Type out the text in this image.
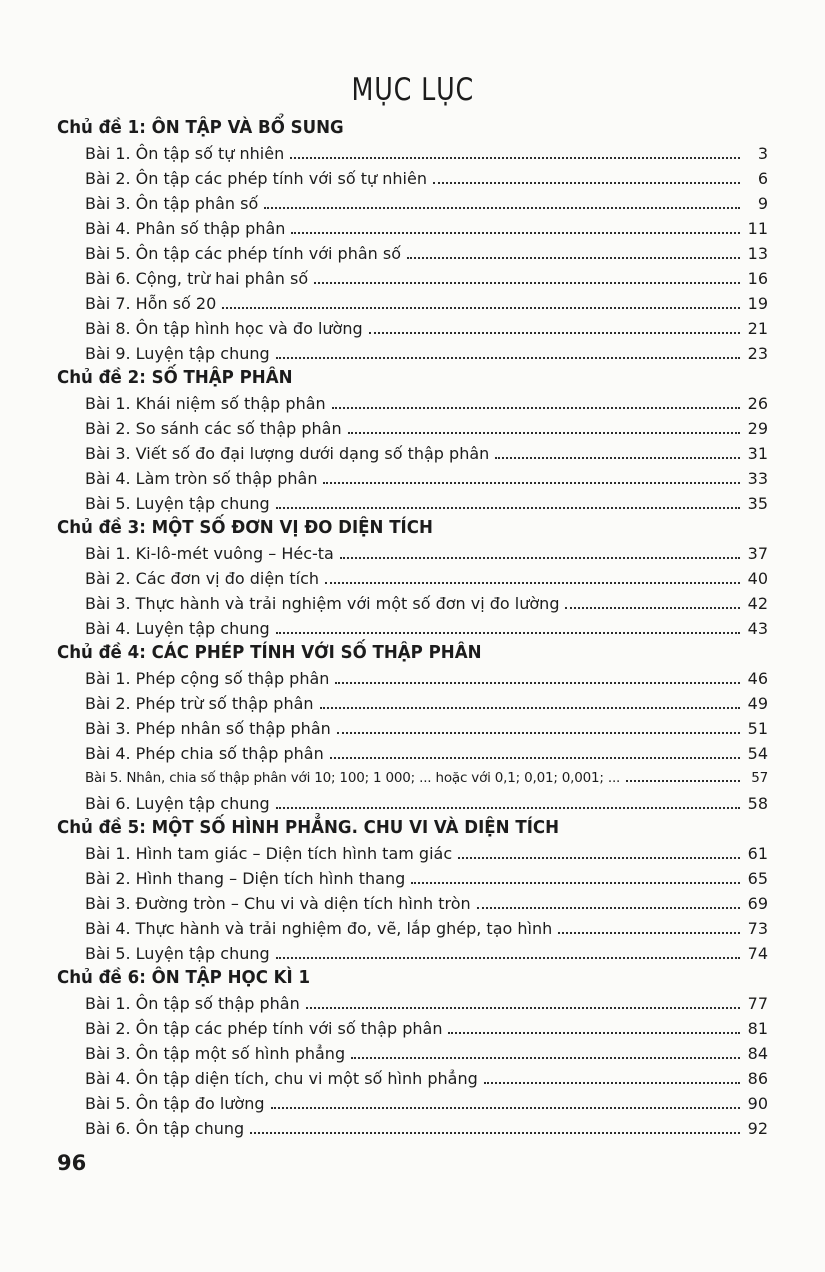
MỤC LỤC
Chủ đề 1: ÔN TẬP VÀ BỔ SUNG
Bài 1. Ôn tập số tự nhiên	3
Bài 2. Ôn tập các phép tính với số tự nhiên	6
Bài 3. Ôn tập phân số	9
Bài 4. Phân số thập phân	11
Bài 5. Ôn tập các phép tính với phân số	13
Bài 6. Cộng, trừ hai phân số	16
Bài 7. Hỗn số 20	19
Bài 8. Ôn tập hình học và đo lường	21
Bài 9. Luyện tập chung	23
Chủ đề 2: SỐ THẬP PHÂN
Bài 1. Khái niệm số thập phân	26
Bài 2. So sánh các số thập phân	29
Bài 3. Viết số đo đại lượng dưới dạng số thập phân	31
Bài 4. Làm tròn số thập phân	33
Bài 5. Luyện tập chung	35
Chủ đề 3: MỘT SỐ ĐƠN VỊ ĐO DIỆN TÍCH
Bài 1. Ki-lô-mét vuông – Héc-ta	37
Bài 2. Các đơn vị đo diện tích	40
Bài 3. Thực hành và trải nghiệm với một số đơn vị đo lường	42
Bài 4. Luyện tập chung	43
Chủ đề 4: CÁC PHÉP TÍNH VỚI SỐ THẬP PHÂN
Bài 1. Phép cộng số thập phân	46
Bài 2. Phép trừ số thập phân	49
Bài 3. Phép nhân số thập phân	51
Bài 4. Phép chia số thập phân	54
Bài 5. Nhân, chia số thập phân với 10; 100; 1 000; ... hoặc với 0,1; 0,01; 0,001; ...	57
Bài 6. Luyện tập chung	58
Chủ đề 5: MỘT SỐ HÌNH PHẲNG. CHU VI VÀ DIỆN TÍCH
Bài 1. Hình tam giác – Diện tích hình tam giác	61
Bài 2. Hình thang – Diện tích hình thang	65
Bài 3. Đường tròn – Chu vi và diện tích hình tròn	69
Bài 4. Thực hành và trải nghiệm đo, vẽ, lắp ghép, tạo hình	73
Bài 5. Luyện tập chung	74
Chủ đề 6: ÔN TẬP HỌC KÌ 1
Bài 1. Ôn tập số thập phân	77
Bài 2. Ôn tập các phép tính với số thập phân	81
Bài 3. Ôn tập một số hình phẳng	84
Bài 4. Ôn tập diện tích, chu vi một số hình phẳng	86
Bài 5. Ôn tập đo lường	90
Bài 6. Ôn tập chung	92
96
